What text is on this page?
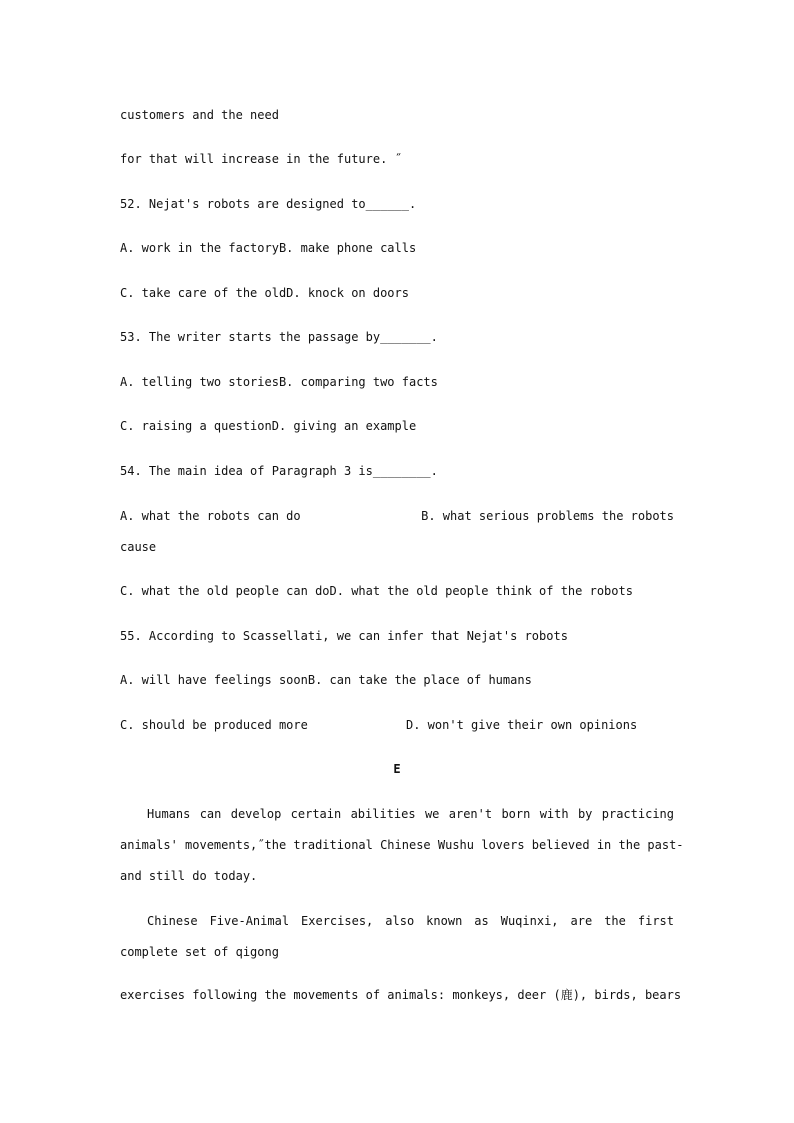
customers and the need
for that will increase in the future. ˝
52. Nejat's robots are designed to______.
A. work in the factoryB. make phone calls
C. take care of the oldD. knock on doors
53. The writer starts the passage by_______.
A. telling two storiesB. comparing two facts
C. raising a questionD. giving an example
54. The main idea of Paragraph 3 is________.
A. what the robots can do	B. what serious problems the robots
cause
C. what the old people can doD. what the old people think of the robots
55. According to Scassellati, we can infer that Nejat's robots
A. will have feelings soonB. can take the place of humans
C. should be produced more	D. won't give their own opinions
E
Humans can develop certain abilities we aren't born with by practicing
animals' movements,˝the traditional Chinese Wushu lovers believed in the past-
and still do today.
Chinese Five-Animal Exercises, also known as Wuqinxi, are the first
complete set of qigong
exercises following the movements of animals: monkeys, deer (鹿), birds, bears
